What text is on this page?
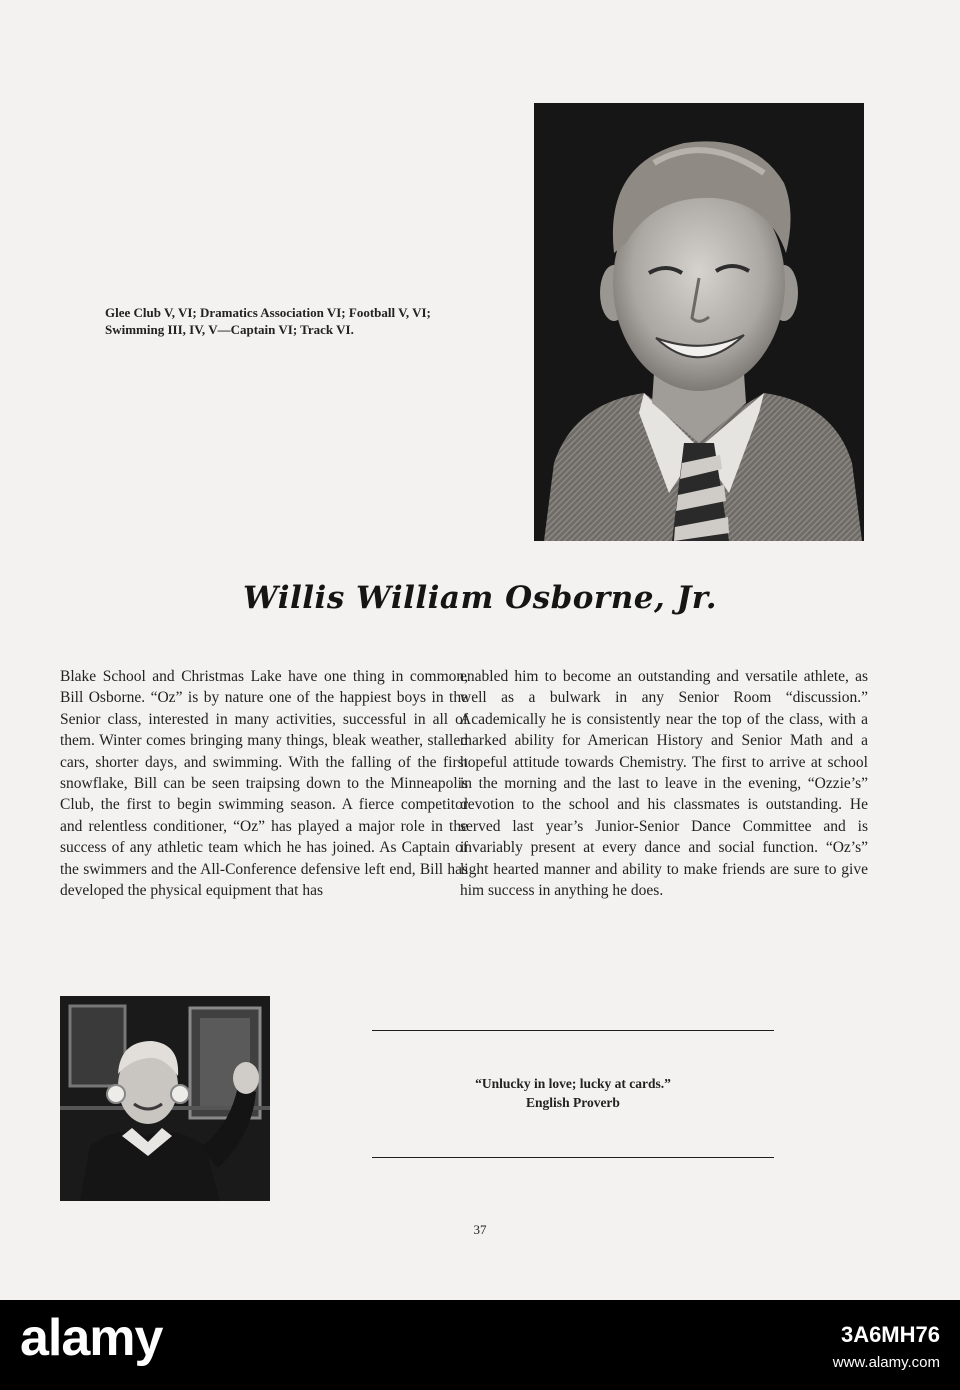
Glee Club V, VI; Dramatics Association VI; Football V, VI;
Swimming III, IV, V—Captain VI; Track VI.
Willis William Osborne, Jr.

Blake School and Christmas Lake have one thing in common, Bill Osborne. “Oz” is by nature one of the happiest boys in the Senior class, interested in many activities, successful in all of them. Winter comes bringing many things, bleak weather, stalled cars, shorter days, and swimming. With the falling of the first snowflake, Bill can be seen traipsing down to the Minneapolis Club, the first to begin swimming season. A fierce competitor and relentless conditioner, “Oz” has played a major role in the success of any athletic team which he has joined. As Captain of the swimmers and the All-Conference defensive left end, Bill has developed the physical equipment that has

enabled him to become an outstanding and versatile athlete, as well as a bulwark in any Senior Room “discussion.” Academically he is consistently near the top of the class, with a marked ability for American History and Senior Math and a hopeful attitude towards Chemistry. The first to arrive at school in the morning and the last to leave in the evening, “Ozzie’s” devotion to the school and his classmates is outstanding. He served last year’s Junior-Senior Dance Committee and is invariably present at every dance and social function. “Oz’s” light hearted manner and ability to make friends are sure to give him success in anything he does.

“Unlucky in love; lucky at cards.”
English Proverb
37
alamy	3A6MH76
www.alamy.com
